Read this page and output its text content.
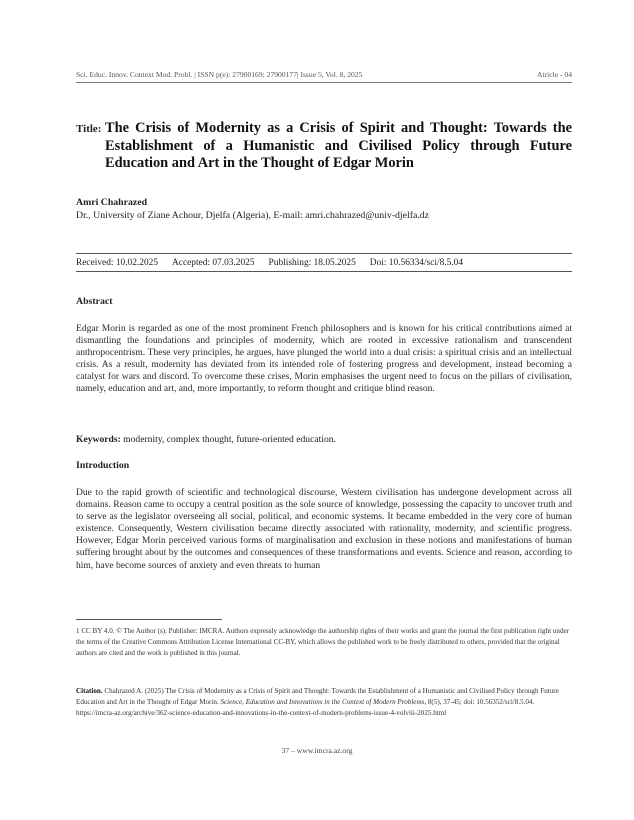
Sci. Educ. Innov. Context Mod. Probl. | ISSN p(e): 27900169; 27900177| Issue 5, Vol. 8, 2025	Atricle - 04
Title: The Crisis of Modernity as a Crisis of Spirit and Thought: Towards the Establishment of a Humanistic and Civilised Policy through Future Education and Art in the Thought of Edgar Morin
Amri Chahrazed
Dr., University of Ziane Achour, Djelfa (Algeria), E-mail: amri.chahrazed@univ-djelfa.dz
Received: 10.02.2025 Accepted: 07.03.2025 Publishing: 18.05.2025 Doi: 10.56334/sci/8.5.04
Abstract
Edgar Morin is regarded as one of the most prominent French philosophers and is known for his critical contributions aimed at dismantling the foundations and principles of modernity, which are rooted in excessive rationalism and transcendent anthropocentrism. These very principles, he argues, have plunged the world into a dual crisis: a spiritual crisis and an intellectual crisis. As a result, modernity has deviated from its intended role of fostering progress and development, instead becoming a catalyst for wars and discord. To overcome these crises, Morin emphasises the urgent need to focus on the pillars of civilisation, namely, education and art, and, more importantly, to reform thought and critique blind reason.
Keywords: modernity, complex thought, future-oriented education.
Introduction
Due to the rapid growth of scientific and technological discourse, Western civilisation has undergone development across all domains. Reason came to occupy a central position as the sole source of knowledge, possessing the capacity to uncover truth and to serve as the legislator overseeing all social, political, and economic systems. It became embedded in the very core of human existence. Consequently, Western civilisation became directly associated with rationality, modernity, and scientific progress. However, Edgar Morin perceived various forms of marginalisation and exclusion in these notions and manifestations of human suffering brought about by the outcomes and consequences of these transformations and events. Science and reason, according to him, have become sources of anxiety and even threats to human
1 CC BY 4.0. © The Author (s). Publisher: IMCRA. Authors expressly acknowledge the authorship rights of their works and grant the journal the first publication right under the terms of the Creative Commons Attribution License International CC-BY, which allows the published work to be freely distributed to others, provided that the original authors are cited and the work is published in this journal.
Citation. Chahrazed A. (2025) The Crisis of Modernity as a Crisis of Spirit and Thought: Towards the Establishment of a Humanistic and Civilised Policy through Future Education and Art in the Thought of Edgar Morin. Science, Education and Innovations in the Context of Modern Problems, 8(5), 37-45; doi: 10.56352/sci/8.5.04. https://imcra-az.org/archive/362-science-education-and-innovations-in-the-context-of-modern-problems-issue-4-volviii-2025.html
37 – www.imcra.az.org
